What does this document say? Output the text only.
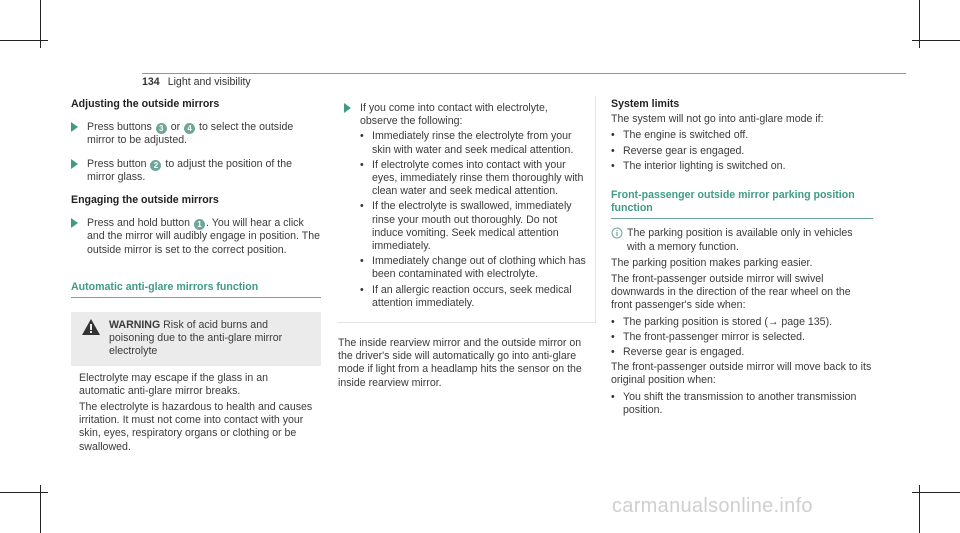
134 Light and visibility
Adjusting the outside mirrors
Press buttons 3 or 4 to select the outside mirror to be adjusted.
Press button 2 to adjust the position of the mirror glass.
Engaging the outside mirrors
Press and hold button 1 . You will hear a click and the mirror will audibly engage in position. The outside mirror is set to the correct position.
Automatic anti-glare mirrors function
WARNING Risk of acid burns and poisoning due to the anti-glare mirror electrolyte
Electrolyte may escape if the glass in an automatic anti-glare mirror breaks.
The electrolyte is hazardous to health and causes irritation. It must not come into contact with your skin, eyes, respiratory organs or clothing or be swallowed.
If you come into contact with electrolyte, observe the following:
• Immediately rinse the electrolyte from your skin with water and seek medical attention.
• If electrolyte comes into contact with your eyes, immediately rinse them thoroughly with clean water and seek medical attention.
• If the electrolyte is swallowed, immediately rinse your mouth out thoroughly. Do not induce vomiting. Seek medical attention immediately.
• Immediately change out of clothing which has been contaminated with electrolyte.
• If an allergic reaction occurs, seek medical attention immediately.
The inside rearview mirror and the outside mirror on the driver's side will automatically go into anti-glare mode if light from a headlamp hits the sensor on the inside rearview mirror.
System limits
The system will not go into anti-glare mode if:
• The engine is switched off.
• Reverse gear is engaged.
• The interior lighting is switched on.
Front-passenger outside mirror parking position function
The parking position is available only in vehicles with a memory function.
The parking position makes parking easier.
The front-passenger outside mirror will swivel downwards in the direction of the rear wheel on the front passenger's side when:
• The parking position is stored (→ page 135).
• The front-passenger mirror is selected.
• Reverse gear is engaged.
The front-passenger outside mirror will move back to its original position when:
• You shift the transmission to another transmission position.
carmanualsonline.info
